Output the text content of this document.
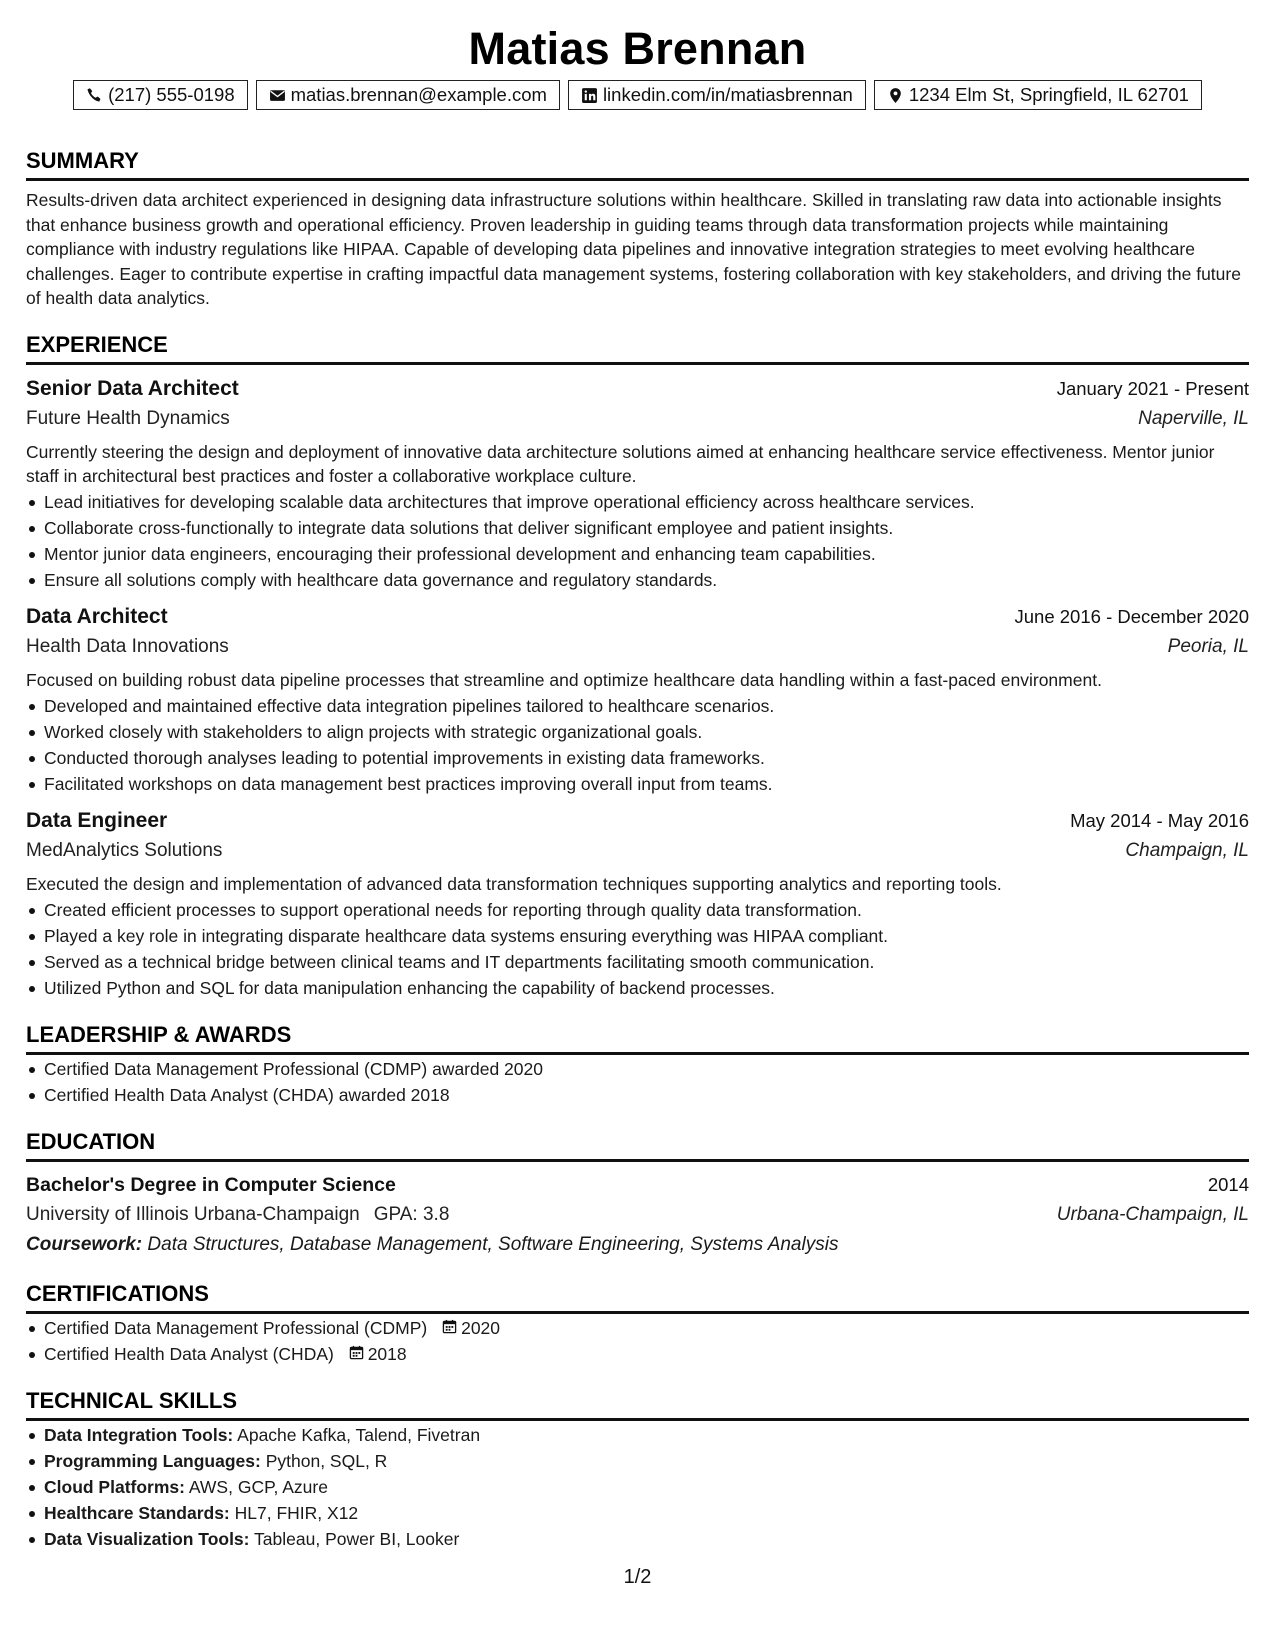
Matias Brennan
(217) 555-0198	matias.brennan@example.com	linkedin.com/in/matiasbrennan	1234 Elm St, Springfield, IL 62701
SUMMARY
Results-driven data architect experienced in designing data infrastructure solutions within healthcare. Skilled in translating raw data into actionable insights that enhance business growth and operational efficiency. Proven leadership in guiding teams through data transformation projects while maintaining compliance with industry regulations like HIPAA. Capable of developing data pipelines and innovative integration strategies to meet evolving healthcare challenges. Eager to contribute expertise in crafting impactful data management systems, fostering collaboration with key stakeholders, and driving the future of health data analytics.
EXPERIENCE
Senior Data Architect	January 2021 - Present
Future Health Dynamics	Naperville, IL
Currently steering the design and deployment of innovative data architecture solutions aimed at enhancing healthcare service effectiveness. Mentor junior staff in architectural best practices and foster a collaborative workplace culture.
Lead initiatives for developing scalable data architectures that improve operational efficiency across healthcare services.
Collaborate cross-functionally to integrate data solutions that deliver significant employee and patient insights.
Mentor junior data engineers, encouraging their professional development and enhancing team capabilities.
Ensure all solutions comply with healthcare data governance and regulatory standards.
Data Architect	June 2016 - December 2020
Health Data Innovations	Peoria, IL
Focused on building robust data pipeline processes that streamline and optimize healthcare data handling within a fast-paced environment.
Developed and maintained effective data integration pipelines tailored to healthcare scenarios.
Worked closely with stakeholders to align projects with strategic organizational goals.
Conducted thorough analyses leading to potential improvements in existing data frameworks.
Facilitated workshops on data management best practices improving overall input from teams.
Data Engineer	May 2014 - May 2016
MedAnalytics Solutions	Champaign, IL
Executed the design and implementation of advanced data transformation techniques supporting analytics and reporting tools.
Created efficient processes to support operational needs for reporting through quality data transformation.
Played a key role in integrating disparate healthcare data systems ensuring everything was HIPAA compliant.
Served as a technical bridge between clinical teams and IT departments facilitating smooth communication.
Utilized Python and SQL for data manipulation enhancing the capability of backend processes.
LEADERSHIP & AWARDS
Certified Data Management Professional (CDMP) awarded 2020
Certified Health Data Analyst (CHDA) awarded 2018
EDUCATION
Bachelor's Degree in Computer Science	2014
University of Illinois Urbana-Champaign GPA: 3.8	Urbana-Champaign, IL
Coursework: Data Structures, Database Management, Software Engineering, Systems Analysis
CERTIFICATIONS
Certified Data Management Professional (CDMP) 2020
Certified Health Data Analyst (CHDA) 2018
TECHNICAL SKILLS
Data Integration Tools: Apache Kafka, Talend, Fivetran
Programming Languages: Python, SQL, R
Cloud Platforms: AWS, GCP, Azure
Healthcare Standards: HL7, FHIR, X12
Data Visualization Tools: Tableau, Power BI, Looker
1/2
